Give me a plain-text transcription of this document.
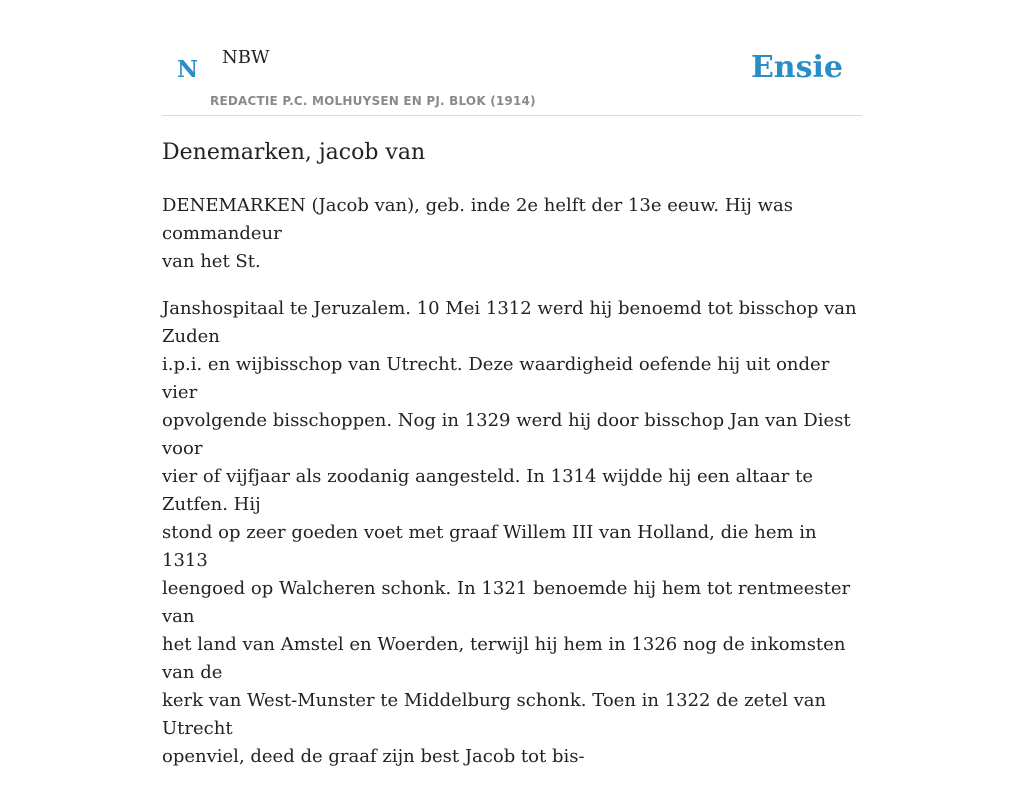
N NBW
REDACTIE P.C. MOLHUYSEN EN PJ. BLOK (1914)
Ensie
Denemarken, jacob van

DENEMARKEN (Jacob van), geb. inde 2e helft der 13e eeuw. Hij was commandeur
van het St.

Janshospitaal te Jeruzalem. 10 Mei 1312 werd hij benoemd tot bisschop van Zuden
i.p.i. en wijbisschop van Utrecht. Deze waardigheid oefende hij uit onder vier
opvolgende bisschoppen. Nog in 1329 werd hij door bisschop Jan van Diest voor
vier of vijfjaar als zoodanig aangesteld. In 1314 wijdde hij een altaar te Zutfen. Hij
stond op zeer goeden voet met graaf Willem III van Holland, die hem in 1313
leengoed op Walcheren schonk. In 1321 benoemde hij hem tot rentmeester van
het land van Amstel en Woerden, terwijl hij hem in 1326 nog de inkomsten van de
kerk van West-Munster te Middelburg schonk. Toen in 1322 de zetel van Utrecht
openviel, deed de graaf zijn best Jacob tot bis-
